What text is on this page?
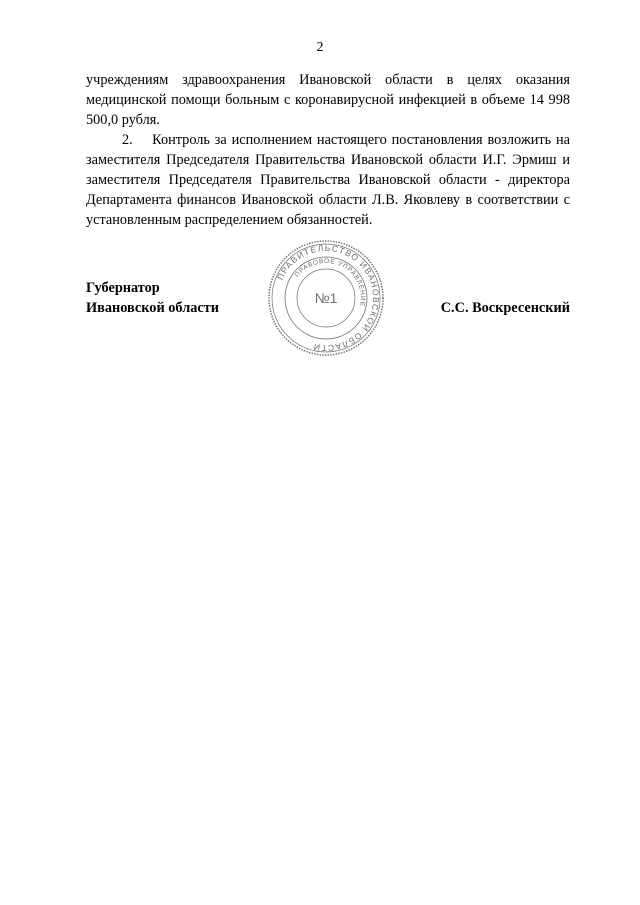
2

учреждениям здравоохранения Ивановской области в целях оказания медицинской помощи больным с коронавирусной инфекцией в объеме 14 998 500,0 рубля.

2.    Контроль за исполнением настоящего постановления возложить на заместителя Председателя Правительства Ивановской области И.Г. Эрмиш и заместителя Председателя Правительства Ивановской области - директора Департамента финансов Ивановской области Л.В. Яковлеву в соответствии с установленным распределением обязанностей.

Губернатор
Ивановской области	С.С. Воскресенский
ПРАВИТЕЛЬСТВО ИВАНОВСКОЙ ОБЛАСТИ
ПРАВОВОЕ УПРАВЛЕНИЕ
№1
